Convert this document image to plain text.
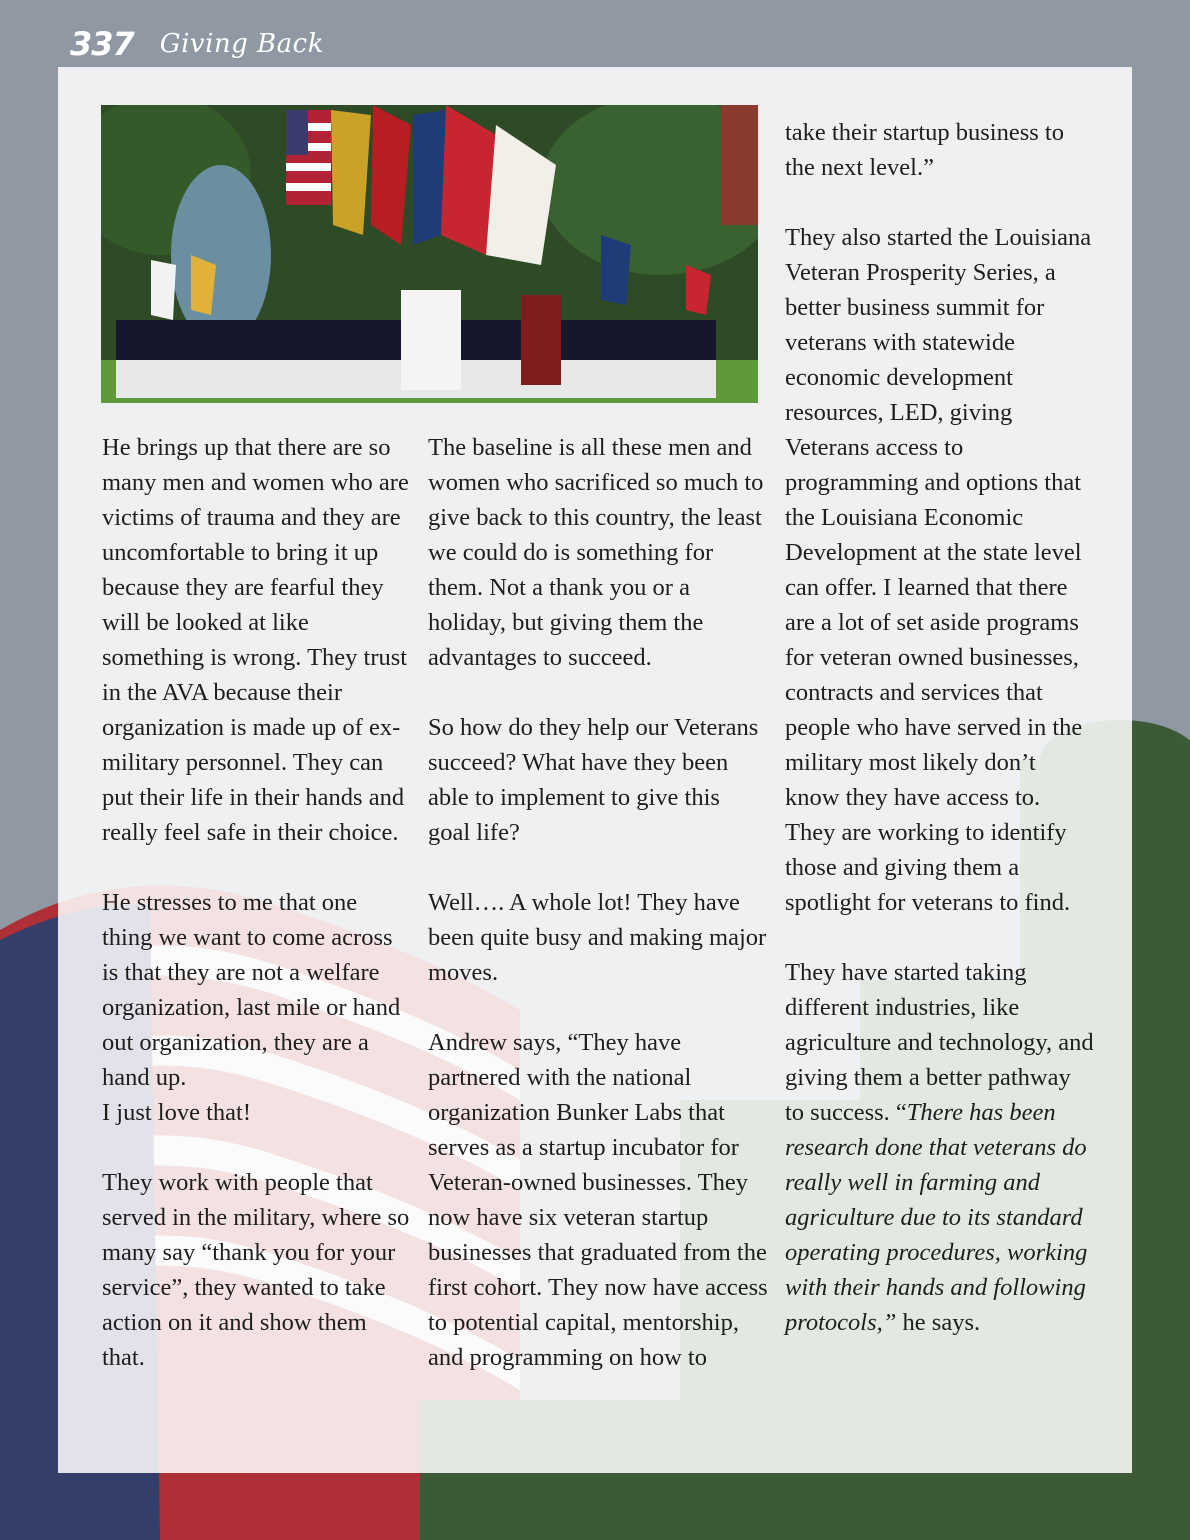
337 Giving Back

He brings up that there are so many men and women who are victims of trauma and they are uncomfortable to bring it up because they are fearful they will be looked at like something is wrong. They trust in the AVA because their organization is made up of ex-military personnel. They can put their life in their hands and really feel safe in their choice.

He stresses to me that one thing we want to come across is that they are not a welfare organization, last mile or hand out organization, they are a hand up.

I just love that!

They work with people that served in the military, where so many say “thank you for your service”, they wanted to take action on it and show them that.

The baseline is all these men and women who sacrificed so much to give back to this country, the least we could do is something for them. Not a thank you or a holiday, but giving them the advantages to succeed.

So how do they help our Veterans succeed? What have they been able to implement to give this goal life?

Well…. A whole lot! They have been quite busy and making major moves.

Andrew says, “They have partnered with the national organization Bunker Labs that serves as a startup incubator for Veteran-owned businesses. They now have six veteran startup businesses that graduated from the first cohort. They now have access to potential capital, mentorship, and programming on how to

take their startup business to the next level.”

They also started the Louisiana Veteran Prosperity Series, a better business summit for veterans with statewide economic development resources, LED, giving Veterans access to programming and options that the Louisiana Economic Development at the state level can offer. I learned that there are a lot of set aside programs for veteran owned businesses, contracts and services that people who have served in the military most likely don’t know they have access to.

They are working to identify those and giving them a spotlight for veterans to find.

They have started taking different industries, like agriculture and technology, and giving them a better pathway to success. “There has been research done that veterans do really well in farming and agriculture due to its standard operating procedures, working with their hands and following protocols,” he says.
